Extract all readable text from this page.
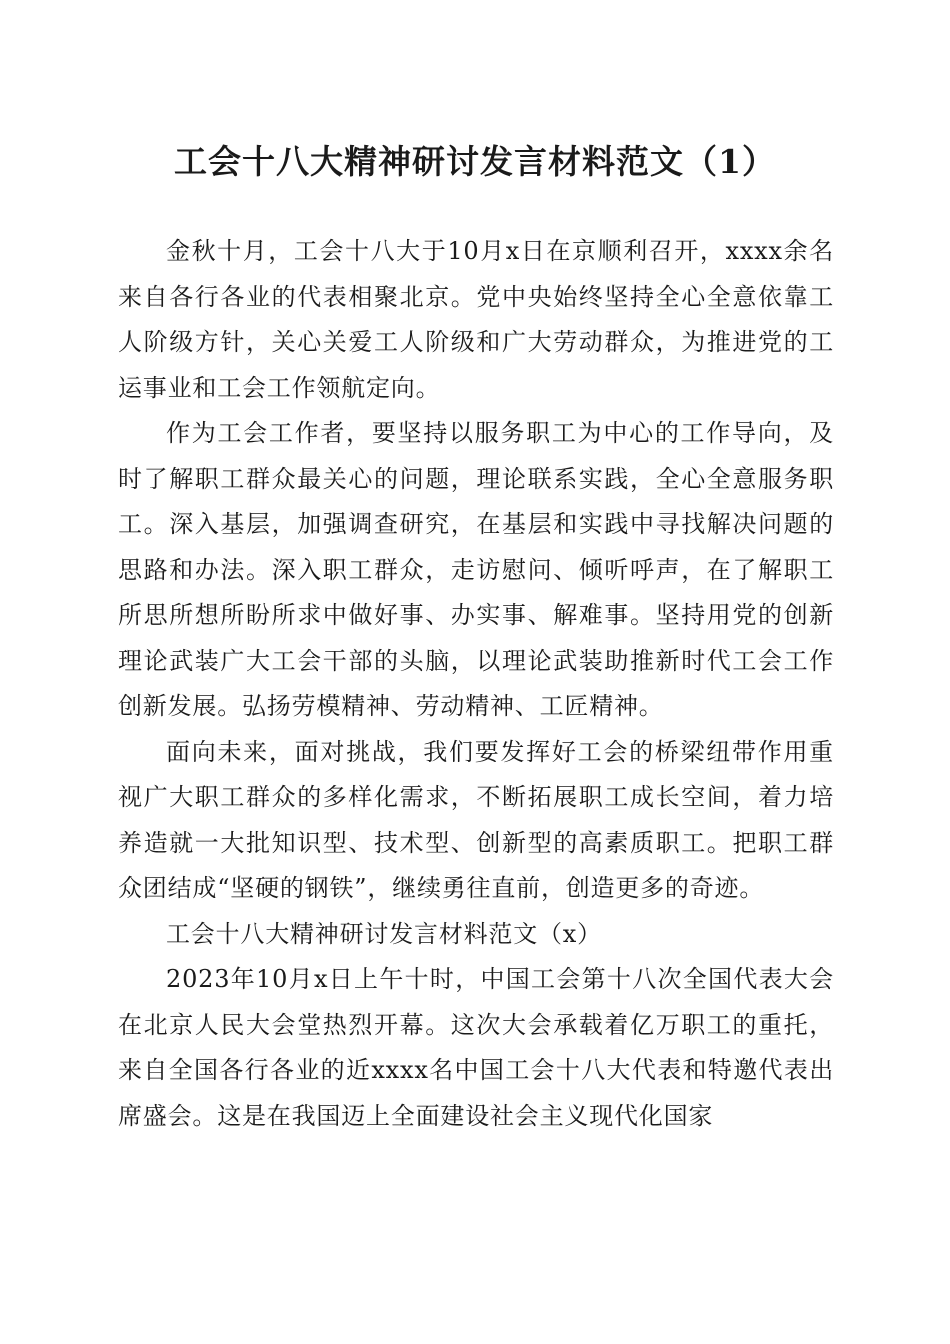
工会十八大精神研讨发言材料范文（1）

金秋十月，工会十八大于10月x日在京顺利召开，xxxx余名来自各行各业的代表相聚北京。党中央始终坚持全心全意依靠工人阶级方针，关心关爱工人阶级和广大劳动群众，为推进党的工运事业和工会工作领航定向。

作为工会工作者，要坚持以服务职工为中心的工作导向，及时了解职工群众最关心的问题，理论联系实践，全心全意服务职工。深入基层，加强调查研究，在基层和实践中寻找解决问题的思路和办法。深入职工群众，走访慰问、倾听呼声，在了解职工所思所想所盼所求中做好事、办实事、解难事。坚持用党的创新理论武装广大工会干部的头脑，以理论武装助推新时代工会工作创新发展。弘扬劳模精神、劳动精神、工匠精神。

面向未来，面对挑战，我们要发挥好工会的桥梁纽带作用重视广大职工群众的多样化需求，不断拓展职工成长空间，着力培养造就一大批知识型、技术型、创新型的高素质职工。把职工群众团结成“坚硬的钢铁”，继续勇往直前，创造更多的奇迹。

工会十八大精神研讨发言材料范文（x）

2023年10月x日上午十时，中国工会第十八次全国代表大会在北京人民大会堂热烈开幕。这次大会承载着亿万职工的重托，来自全国各行各业的近xxxx名中国工会十八大代表和特邀代表出席盛会。这是在我国迈上全面建设社会主义现代化国家
